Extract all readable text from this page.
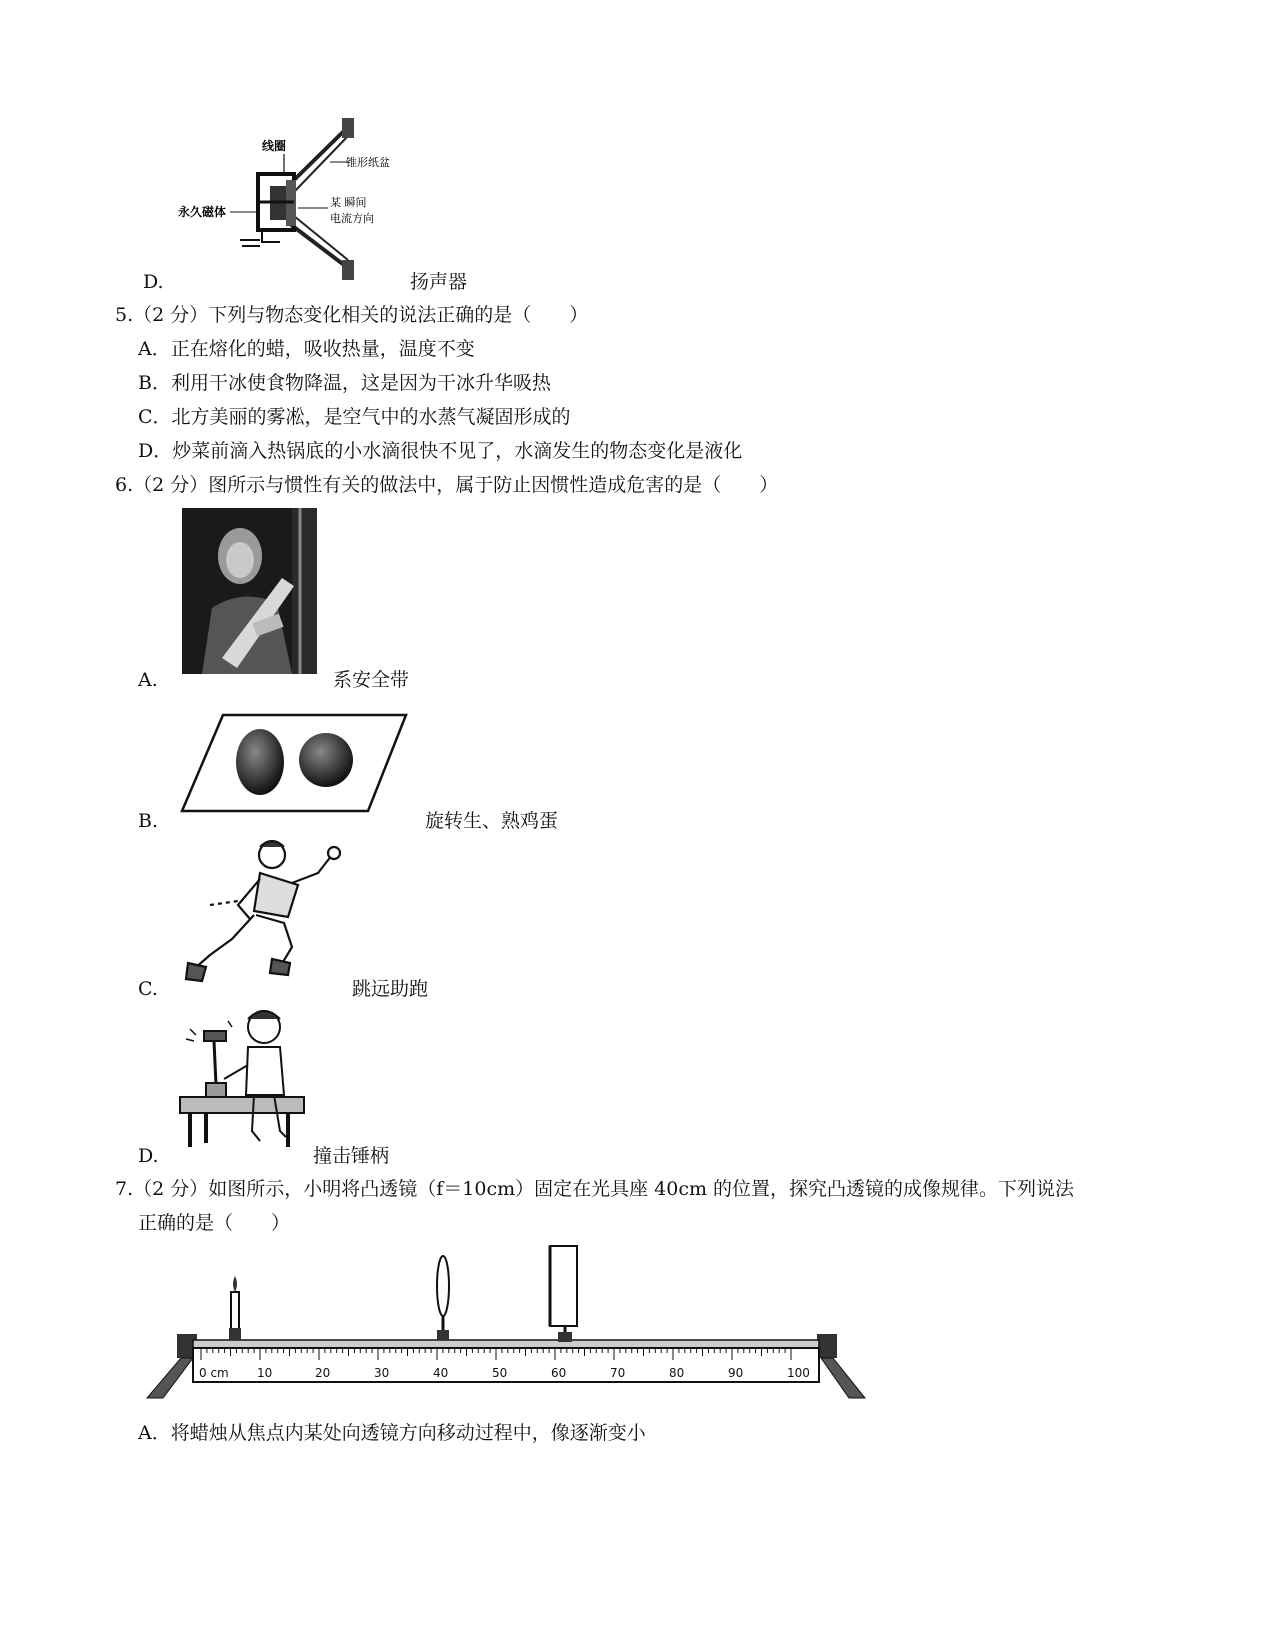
线圈
锥形纸盆
永久磁体
某 瞬间
电流方向
D.	扬声器
5.（2 分）下列与物态变化相关的说法正确的是（　　）
A．正在熔化的蜡，吸收热量，温度不变
B．利用干冰使食物降温，这是因为干冰升华吸热
C．北方美丽的雾凇，是空气中的水蒸气凝固形成的
D．炒菜前滴入热锅底的小水滴很快不见了，水滴发生的物态变化是液化
6.（2 分）图所示与惯性有关的做法中，属于防止因惯性造成危害的是（　　）
A.	系安全带
B.	旋转生、熟鸡蛋
C.	跳远助跑
D.	撞击锤柄
7.（2 分）如图所示，小明将凸透镜（f＝10cm）固定在光具座 40cm 的位置，探究凸透镜的成像规律。下列说法
正确的是（　　）
0 cm 10	20	30	40	50	60	70	80	90	100
A．将蜡烛从焦点内某处向透镜方向移动过程中，像逐渐变小
